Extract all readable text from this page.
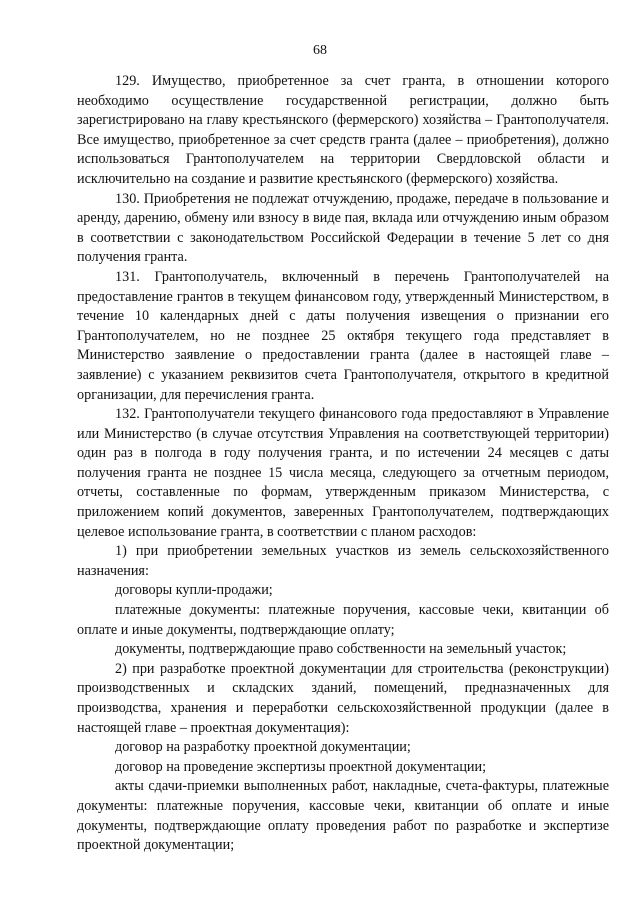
68

129. Имущество, приобретенное за счет гранта, в отношении которого необходимо осуществление государственной регистрации, должно быть зарегистрировано на главу крестьянского (фермерского) хозяйства – Грантополучателя. Все имущество, приобретенное за счет средств гранта (далее – приобретения), должно использоваться Грантополучателем на территории Свердловской области и исключительно на создание и развитие крестьянского (фермерского) хозяйства.

130. Приобретения не подлежат отчуждению, продаже, передаче в пользование и аренду, дарению, обмену или взносу в виде пая, вклада или отчуждению иным образом в соответствии с законодательством Российской Федерации в течение 5 лет со дня получения гранта.

131. Грантополучатель, включенный в перечень Грантополучателей на предоставление грантов в текущем финансовом году, утвержденный Министерством, в течение 10 календарных дней с даты получения извещения о признании его Грантополучателем, но не позднее 25 октября текущего года представляет в Министерство заявление о предоставлении гранта (далее в настоящей главе – заявление) с указанием реквизитов счета Грантополучателя, открытого в кредитной организации, для перечисления гранта.

132. Грантополучатели текущего финансового года предоставляют в Управление или Министерство (в случае отсутствия Управления на соответствующей территории) один раз в полгода в году получения гранта, и по истечении 24 месяцев с даты получения гранта не позднее 15 числа месяца, следующего за отчетным периодом, отчеты, составленные по формам, утвержденным приказом Министерства, с приложением копий документов, заверенных Грантополучателем, подтверждающих целевое использование гранта, в соответствии с планом расходов:

1) при приобретении земельных участков из земель сельскохозяйственного назначения:

договоры купли-продажи;

платежные документы: платежные поручения, кассовые чеки, квитанции об оплате и иные документы, подтверждающие оплату;

документы, подтверждающие право собственности на земельный участок;

2) при разработке проектной документации для строительства (реконструкции) производственных и складских зданий, помещений, предназначенных для производства, хранения и переработки сельскохозяйственной продукции (далее в настоящей главе – проектная документация):

договор на разработку проектной документации;

договор на проведение экспертизы проектной документации;

акты сдачи-приемки выполненных работ, накладные, счета-фактуры, платежные документы: платежные поручения, кассовые чеки, квитанции об оплате и иные документы, подтверждающие оплату проведения работ по разработке и экспертизе проектной документации;
